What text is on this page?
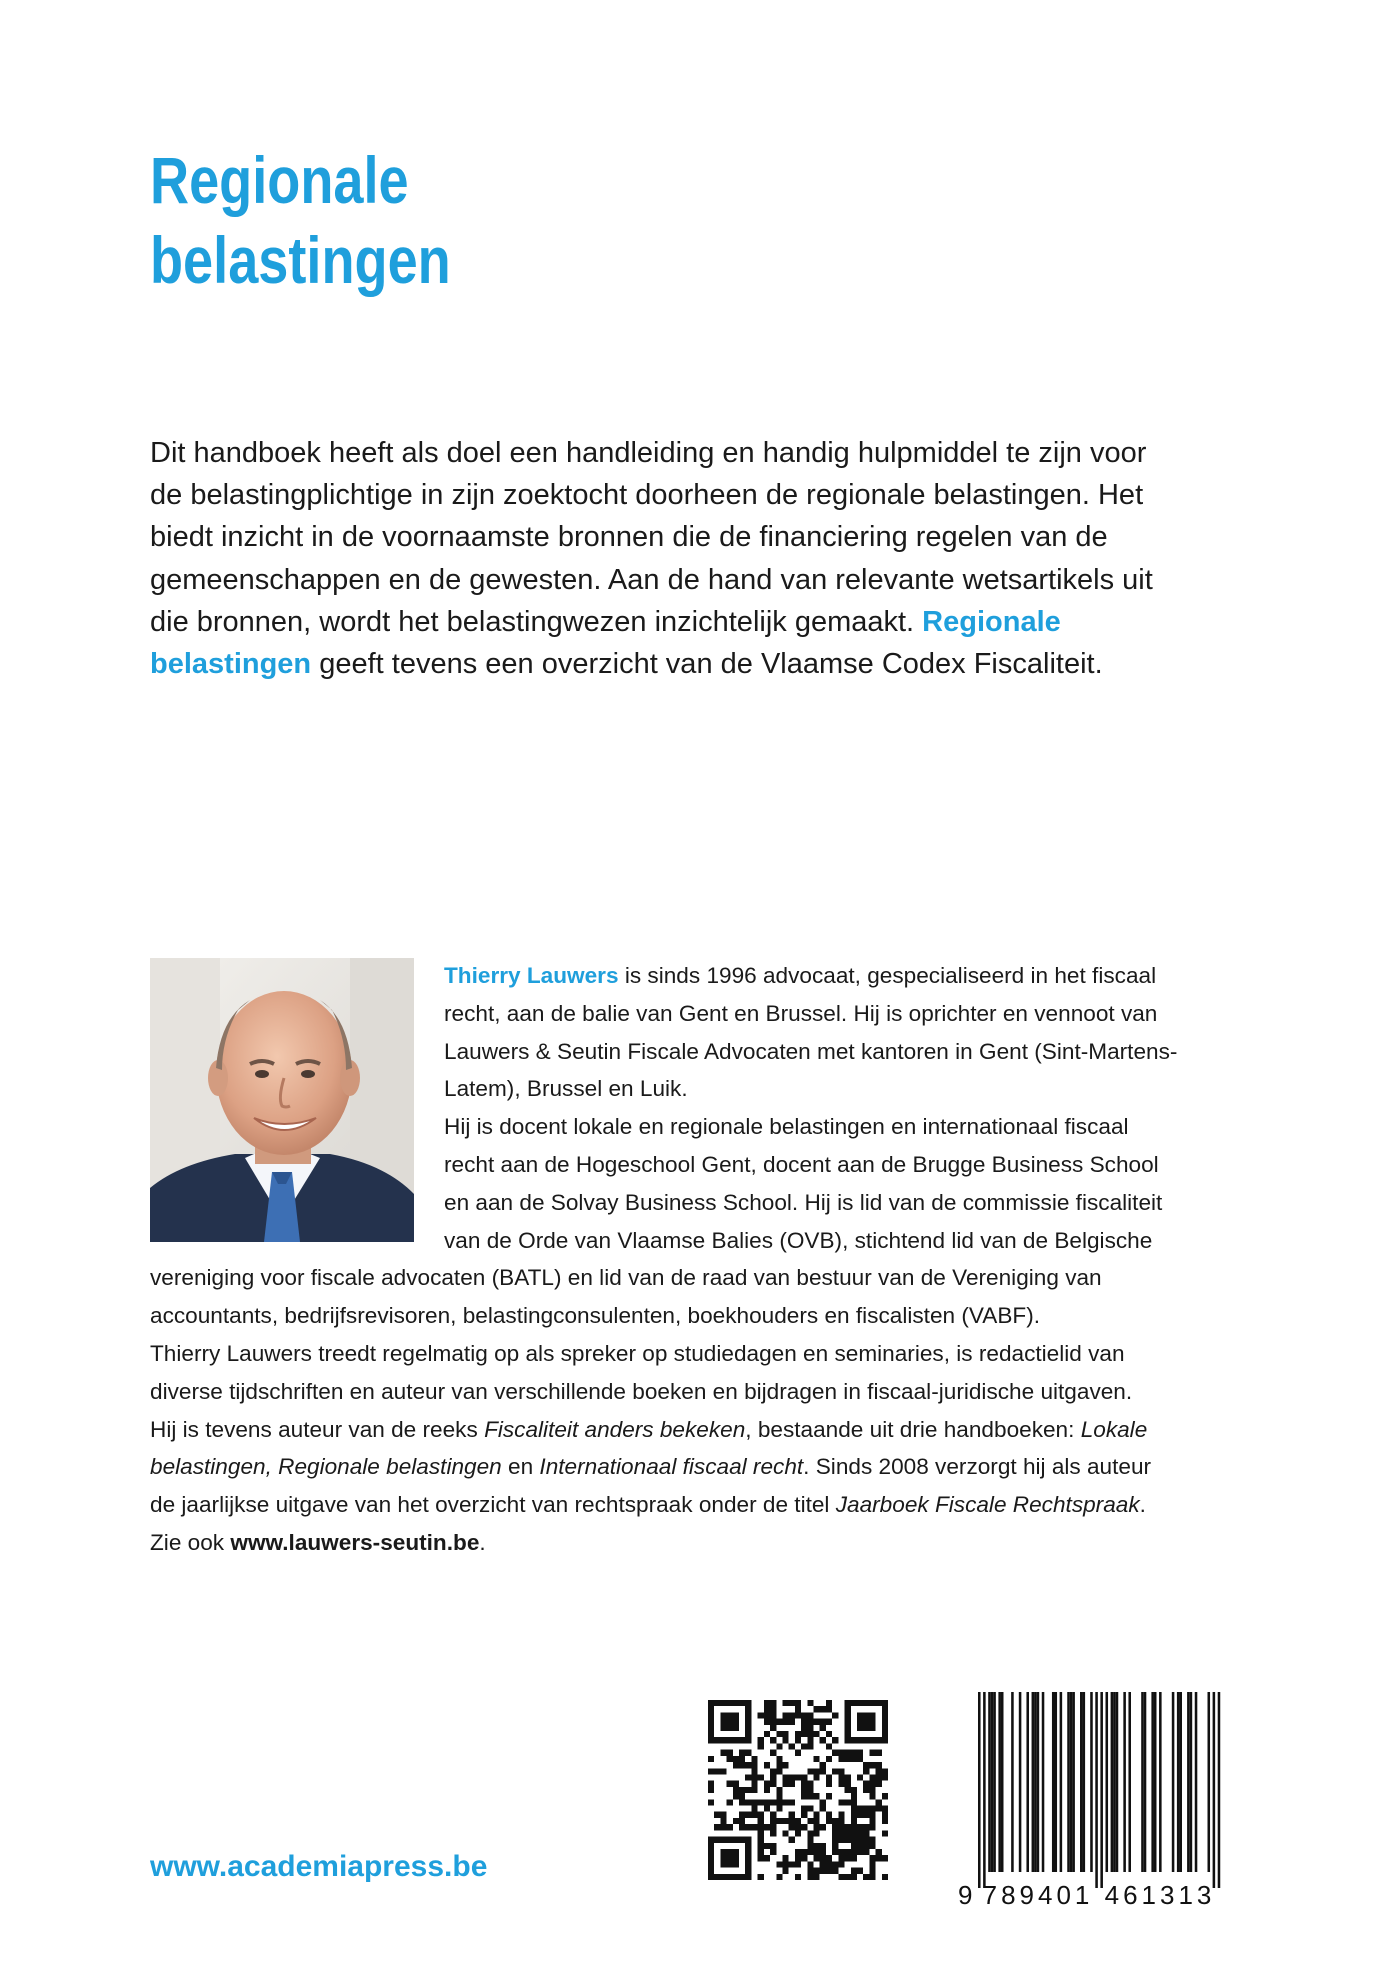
Regionale
belastingen

Dit handboek heeft als doel een handleiding en handig hulpmiddel te zijn voor de belastingplichtige in zijn zoektocht doorheen de regionale belastingen. Het biedt inzicht in de voornaamste bronnen die de financiering regelen van de gemeenschappen en de gewesten. Aan de hand van relevante wetsartikels uit die bronnen, wordt het belastingwezen inzichtelijk gemaakt. Regionale belastingen geeft tevens een overzicht van de Vlaamse Codex Fiscaliteit.

Thierry Lauwers is sinds 1996 advocaat, gespecialiseerd in het fiscaal recht, aan de balie van Gent en Brussel. Hij is oprichter en vennoot van Lauwers & Seutin Fiscale Advocaten met kantoren in Gent (Sint-Martens-Latem), Brussel en Luik.

Hij is docent lokale en regionale belastingen en internationaal fiscaal recht aan de Hogeschool Gent, docent aan de Brugge Business School en aan de Solvay Business School. Hij is lid van de commissie fiscaliteit van de Orde van Vlaamse Balies (OVB), stichtend lid van de Belgische vereniging voor fiscale advocaten (BATL) en lid van de raad van bestuur van de Vereniging van accountants, bedrijfsrevisoren, belastingconsulenten, boekhouders en fiscalisten (VABF).

Thierry Lauwers treedt regelmatig op als spreker op studiedagen en seminaries, is redactielid van diverse tijdschriften en auteur van verschillende boeken en bijdragen in fiscaal-juridische uitgaven.

Hij is tevens auteur van de reeks Fiscaliteit anders bekeken, bestaande uit drie handboeken: Lokale belastingen, Regionale belastingen en Internationaal fiscaal recht. Sinds 2008 verzorgt hij als auteur de jaarlijkse uitgave van het overzicht van rechtspraak onder de titel Jaarboek Fiscale Rechtspraak.

Zie ook www.lauwers-seutin.be.

www.academiapress.be
9 789401 461313
